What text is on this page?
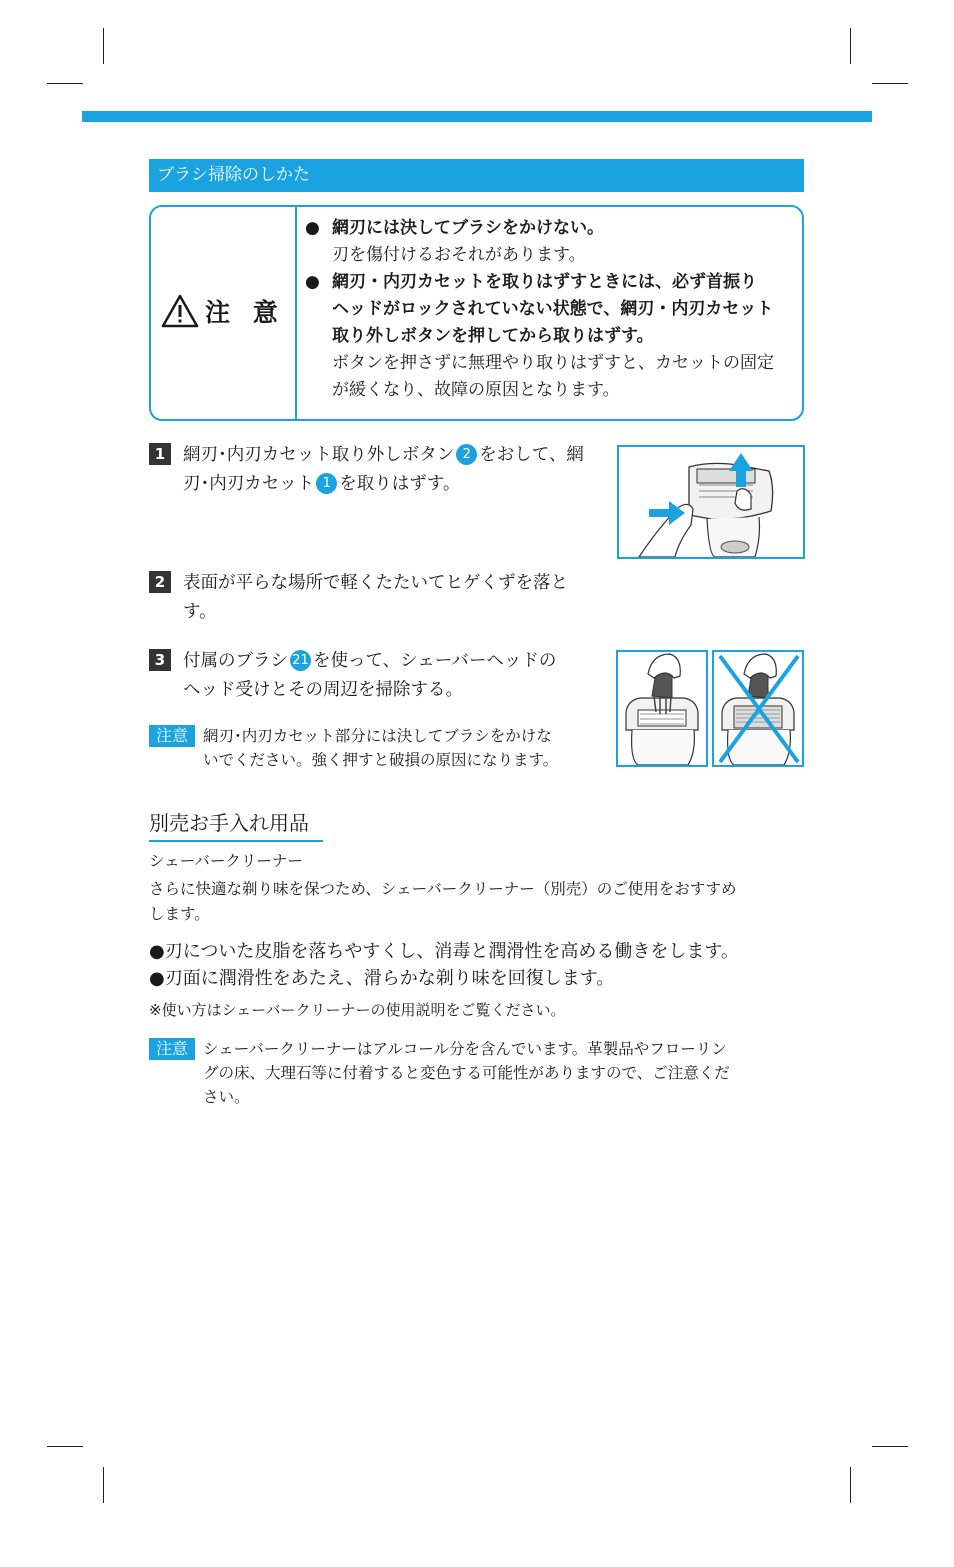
ブラシ掃除のしかた
注 意
● 網刃には決してブラシをかけない。
刃を傷付けるおそれがあります。
● 網刃・内刃カセットを取りはずすときには、必ず首振り
ヘッドがロックされていない状態で、網刃・内刃カセット
取り外しボタンを押してから取りはずす。
ボタンを押さずに無理やり取りはずすと、カセットの固定
が緩くなり、故障の原因となります。
1	網刃･内刃カセット取り外しボタン 2 をおして、網
刃･内刃カセット 1 を取りはずす。
2	表面が平らな場所で軽くたたいてヒゲくずを落と
す。
3	付属のブラシ 21 を使って、シェーバーヘッドの
ヘッド受けとその周辺を掃除する。
注意 網刃･内刃カセット部分には決してブラシをかけな
いでください。強く押すと破損の原因になります。
別売お手入れ用品
シェーバークリーナー
さらに快適な剃り味を保つため、シェーバークリーナー（別売）のご使用をおすすめ
します。
●刃についた皮脂を落ちやすくし、消毒と潤滑性を高める働きをします。
●刃面に潤滑性をあたえ、滑らかな剃り味を回復します。
※使い方はシェーバークリーナーの使用説明をご覧ください。
注意 シェーバークリーナーはアルコール分を含んでいます。革製品やフローリン
グの床、大理石等に付着すると変色する可能性がありますので、ご注意くだ
さい。
